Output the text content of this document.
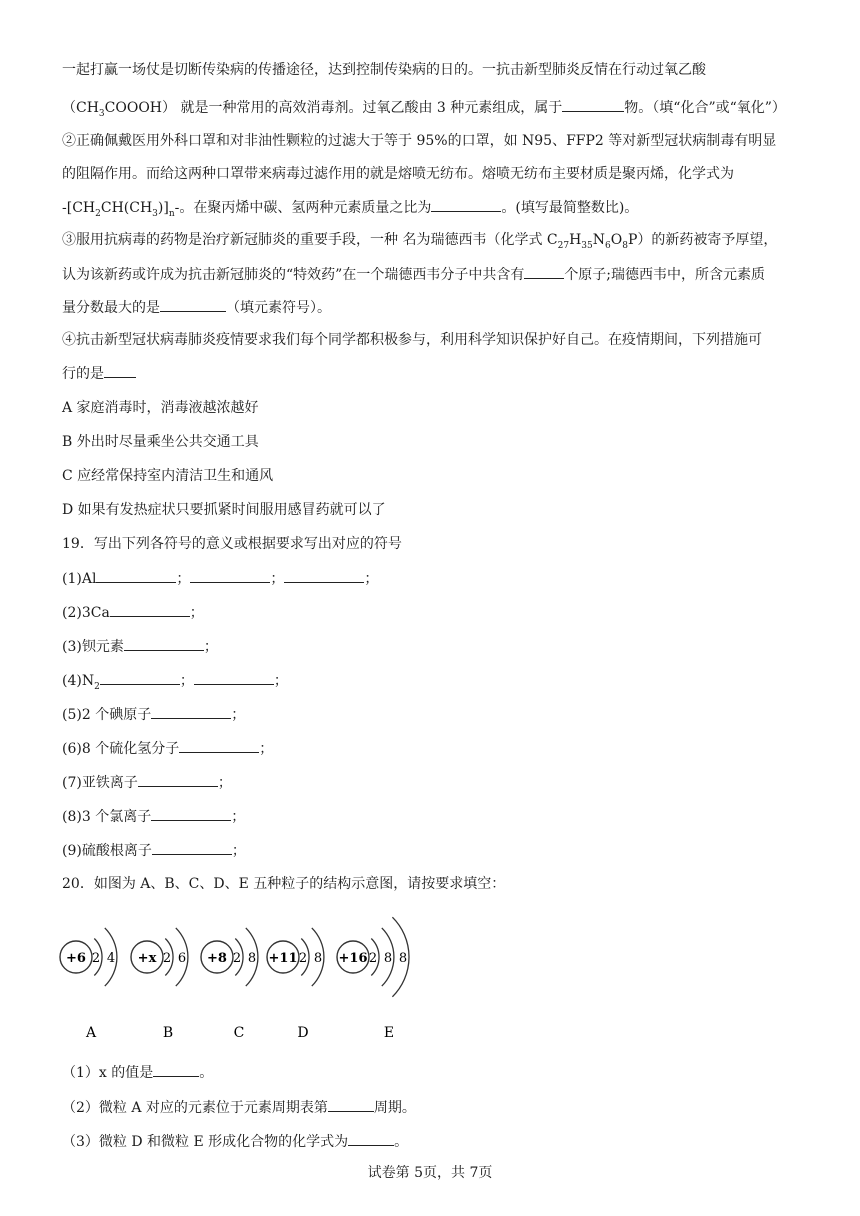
一起打赢一场仗是切断传染病的传播途径，达到控制传染病的日的。一抗击新型肺炎反情在行动过氧乙酸
$(CH_3COOOH)$ 就是一种常用的高效消毒剂。过氧乙酸由 3 种元素组成，属于	物。（填“化合”或“氧化”）
②正确佩戴医用外科口罩和对非油性颗粒的过滤大于等于 95%的口罩，如 N95、FFP2 等对新型冠状病制毒有明显
的阻隔作用。而给这两种口罩带来病毒过滤作用的就是熔喷无纺布。熔喷无纺布主要材质是聚丙烯，化学式为
$-[CH_2CH(CH_3)]_n-$。在聚丙烯中碳、氢两种元素质量之比为	。(填写最简整数比)。
③服用抗病毒的药物是治疗新冠肺炎的重要手段，一种 名为瑞德西韦（化学式 $C_{27}H_{35}N_6O_8P$）的新药被寄予厚望，
认为该新药或许成为抗击新冠肺炎的“特效药”在一个瑞德西韦分子中共含有	个原子;瑞德西韦中，所含元素质
量分数最大的是	（填元素符号）。
④抗击新型冠状病毒肺炎疫情要求我们每个同学都积极参与，利用科学知识保护好自己。在疫情期间，下列措施可
行的是
A 家庭消毒时，消毒液越浓越好
B 外出时尽量乘坐公共交通工具
C 应经常保持室内清洁卫生和通风
D 如果有发热症状只要抓紧时间服用感冒药就可以了
19．写出下列各符号的意义或根据要求写出对应的符号
(1)Al	；	；	；
(2)3Ca	；
(3)钡元素	；
$(4)N_2$	；	；
(5)2 个碘原子	；
(6)8 个硫化氢分子	；
(7)亚铁离子	；
(8)3 个氯离子	；
(9)硫酸根离子	；
20．如图为 A、B、C、D、E 五种粒子的结构示意图，请按要求填空：
+6 2 4
A
+x 2 6
B
+8 2 8
C
+11 2 8
D
+16 2 8 8
E
（1）x 的值是	。
（2）微粒 A 对应的元素位于元素周期表第	周期。
（3）微粒 D 和微粒 E 形成化合物的化学式为	。
试卷第 5页，共 7页
